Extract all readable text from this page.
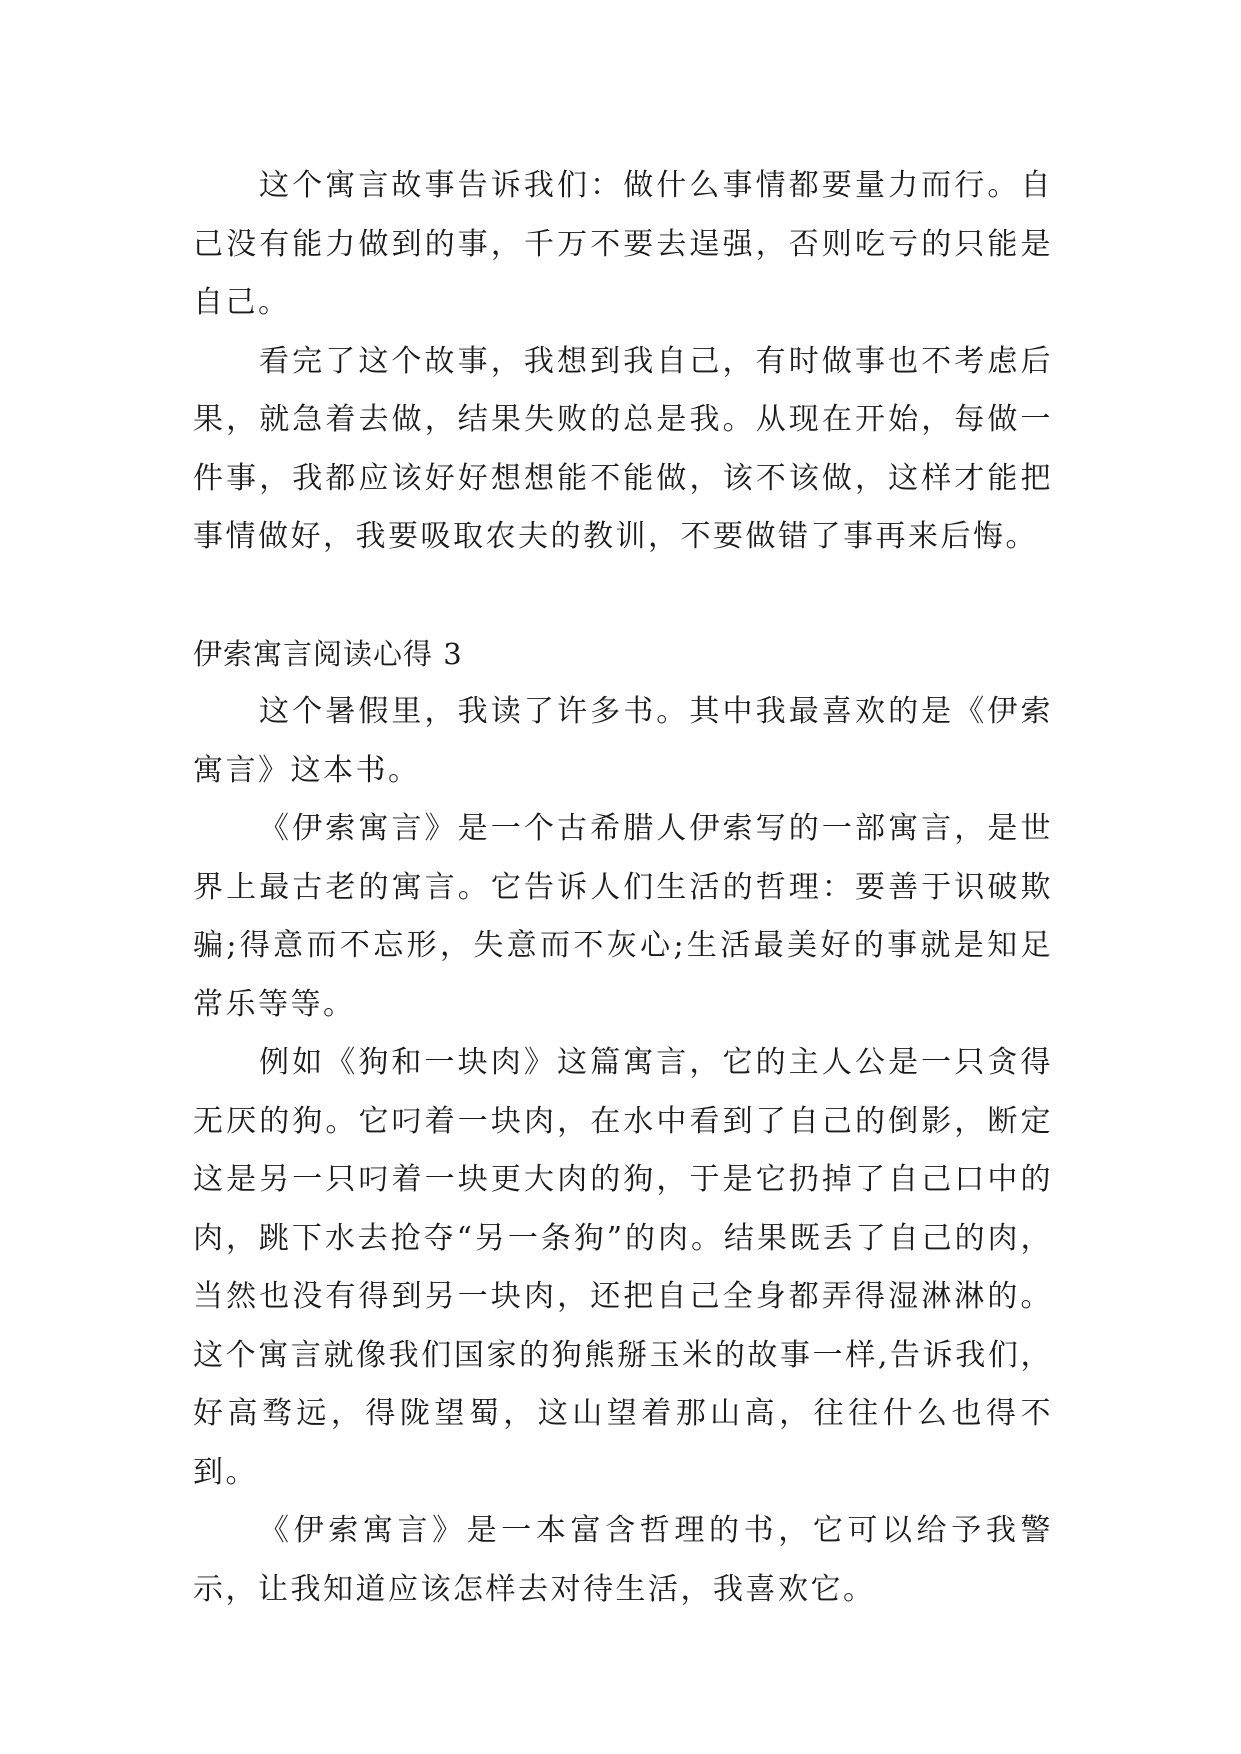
这个寓言故事告诉我们：做什么事情都要量力而行。自己没有能力做到的事，千万不要去逞强，否则吃亏的只能是自己。

看完了这个故事，我想到我自己，有时做事也不考虑后果，就急着去做，结果失败的总是我。从现在开始，每做一件事，我都应该好好想想能不能做，该不该做，这样才能把事情做好，我要吸取农夫的教训，不要做错了事再来后悔。

伊索寓言阅读心得 3

这个暑假里，我读了许多书。其中我最喜欢的是《伊索寓言》这本书。

《伊索寓言》是一个古希腊人伊索写的一部寓言，是世界上最古老的寓言。它告诉人们生活的哲理：要善于识破欺骗;得意而不忘形，失意而不灰心;生活最美好的事就是知足常乐等等。

例如《狗和一块肉》这篇寓言，它的主人公是一只贪得无厌的狗。它叼着一块肉，在水中看到了自己的倒影，断定这是另一只叼着一块更大肉的狗，于是它扔掉了自己口中的肉，跳下水去抢夺“另一条狗”的肉。结果既丢了自己的肉，当然也没有得到另一块肉，还把自己全身都弄得湿淋淋的。这个寓言就像我们国家的狗熊掰玉米的故事一样,告诉我们，好高骛远，得陇望蜀，这山望着那山高，往往什么也得不到。

《伊索寓言》是一本富含哲理的书，它可以给予我警示，让我知道应该怎样去对待生活，我喜欢它。
